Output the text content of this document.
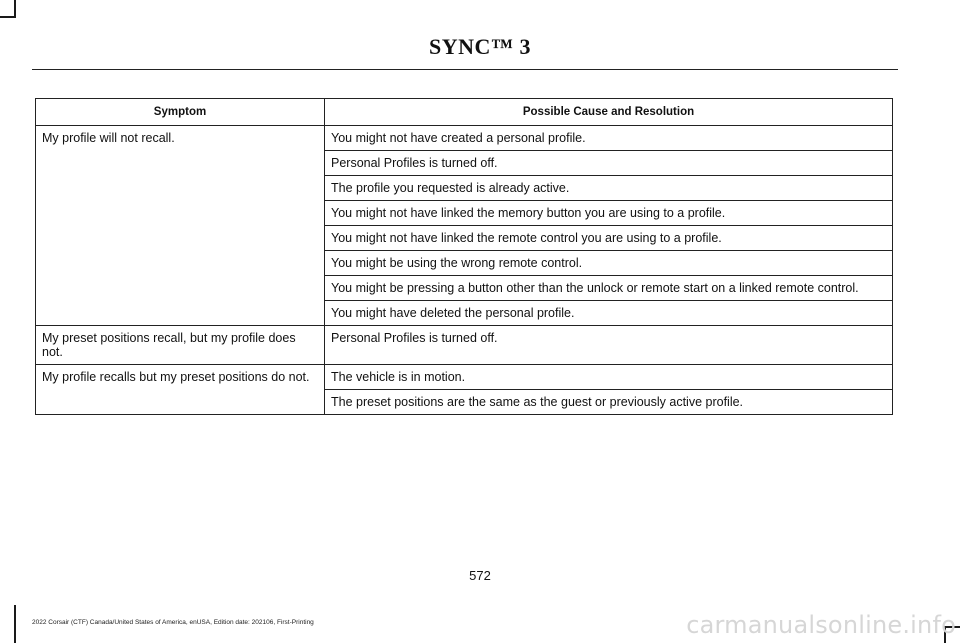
SYNC™ 3
Symptom	Possible Cause and Resolution
My profile will not recall.	You might not have created a personal profile.
	Personal Profiles is turned off.
	The profile you requested is already active.
	You might not have linked the memory button you are using to a profile.
	You might not have linked the remote control you are using to a profile.
	You might be using the wrong remote control.
	You might be pressing a button other than the unlock or remote start on a linked remote control.
	You might have deleted the personal profile.
My preset positions recall, but my profile does not.	Personal Profiles is turned off.
My profile recalls but my preset positions do not.	The vehicle is in motion.
	The preset positions are the same as the guest or previously active profile.
572
2022 Corsair (CTF) Canada/United States of America, enUSA, Edition date: 202106, First-Printing	carmanualsonline.info
